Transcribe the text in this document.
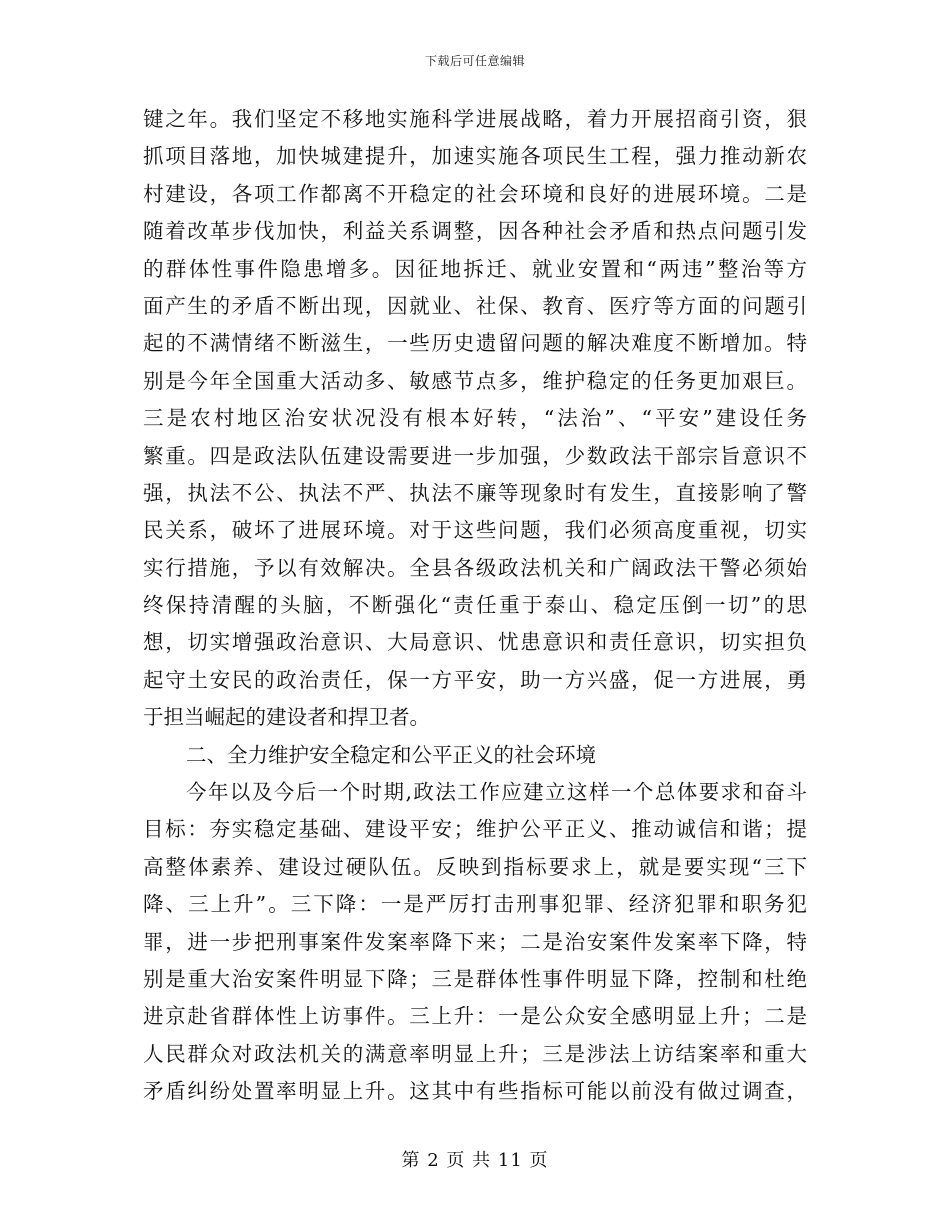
下载后可任意编辑
键之年。我们坚定不移地实施科学进展战略，着力开展招商引资，狠
抓项目落地，加快城建提升，加速实施各项民生工程，强力推动新农
村建设，各项工作都离不开稳定的社会环境和良好的进展环境。二是
随着改革步伐加快，利益关系调整，因各种社会矛盾和热点问题引发
的群体性事件隐患增多。因征地拆迁、就业安置和“两违”整治等方
面产生的矛盾不断出现，因就业、社保、教育、医疗等方面的问题引
起的不满情绪不断滋生，一些历史遗留问题的解决难度不断增加。特
别是今年全国重大活动多、敏感节点多，维护稳定的任务更加艰巨。
三是农村地区治安状况没有根本好转，“法治”、“平安”建设任务
繁重。四是政法队伍建设需要进一步加强，少数政法干部宗旨意识不
强，执法不公、执法不严、执法不廉等现象时有发生，直接影响了警
民关系，破坏了进展环境。对于这些问题，我们必须高度重视，切实
实行措施，予以有效解决。全县各级政法机关和广阔政法干警必须始
终保持清醒的头脑，不断强化“责任重于泰山、稳定压倒一切”的思
想，切实增强政治意识、大局意识、忧患意识和责任意识，切实担负
起守土安民的政治责任，保一方平安，助一方兴盛，促一方进展，勇
于担当崛起的建设者和捍卫者。
二、全力维护安全稳定和公平正义的社会环境
今年以及今后一个时期,政法工作应建立这样一个总体要求和奋斗
目标：夯实稳定基础、建设平安；维护公平正义、推动诚信和谐；提
高整体素养、建设过硬队伍。反映到指标要求上，就是要实现“三下
降、三上升”。三下降：一是严厉打击刑事犯罪、经济犯罪和职务犯
罪，进一步把刑事案件发案率降下来；二是治安案件发案率下降，特
别是重大治安案件明显下降；三是群体性事件明显下降，控制和杜绝
进京赴省群体性上访事件。三上升：一是公众安全感明显上升；二是
人民群众对政法机关的满意率明显上升；三是涉法上访结案率和重大
矛盾纠纷处置率明显上升。这其中有些指标可能以前没有做过调查，
第 2 页 共 11 页
